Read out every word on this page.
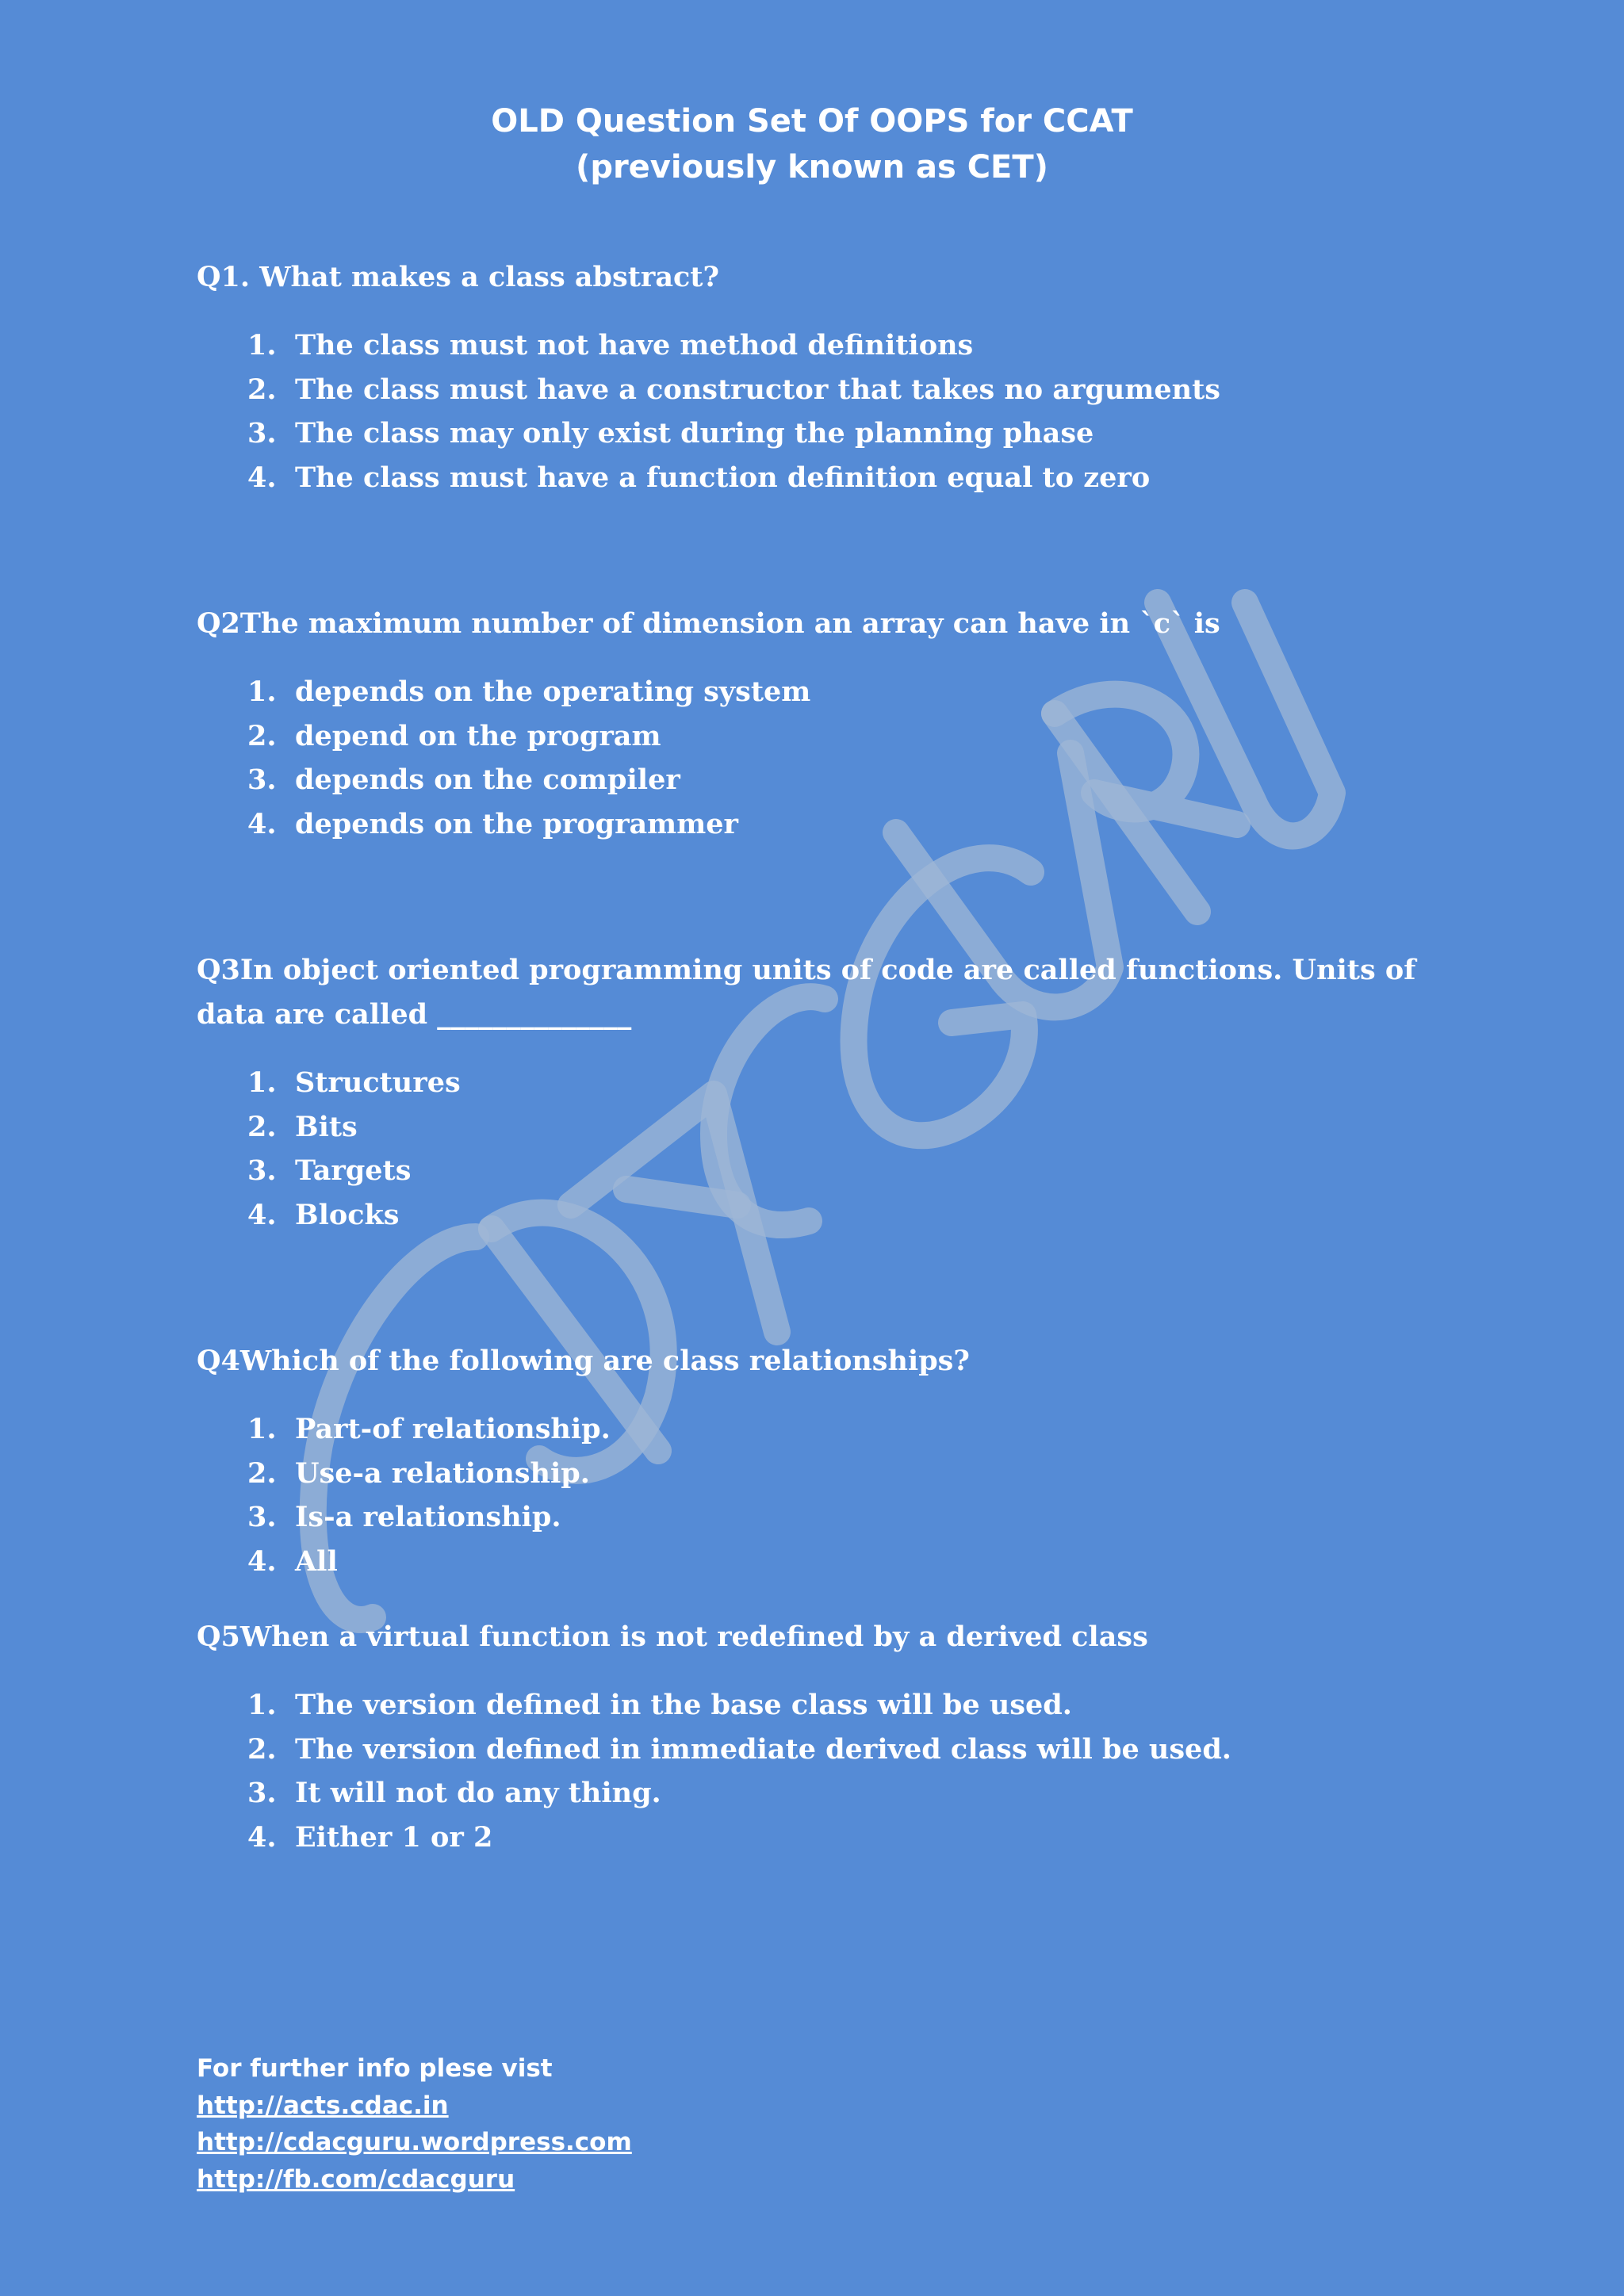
OLD Question Set Of OOPS for CCAT
(previously known as CET)

Q1. What makes a class abstract?

1. The class must not have method definitions
2. The class must have a constructor that takes no arguments
3. The class may only exist during the planning phase
4. The class must have a function definition equal to zero

Q2The maximum number of dimension an array can have in `c` is

1. depends on the operating system
2. depend on the program
3. depends on the compiler
4. depends on the programmer

Q3In object oriented programming units of code are called functions. Units of data are called ______________

1. Structures
2. Bits
3. Targets
4. Blocks

Q4Which of the following are class relationships?

1. Part-of relationship.
2. Use-a relationship.
3. Is-a relationship.
4. All

Q5When a virtual function is not redefined by a derived class

1. The version defined in the base class will be used.
2. The version defined in immediate derived class will be used.
3. It will not do any thing.
4. Either 1 or 2
For further info plese vist
http://acts.cdac.in
http://cdacguru.wordpress.com
http://fb.com/cdacguru
